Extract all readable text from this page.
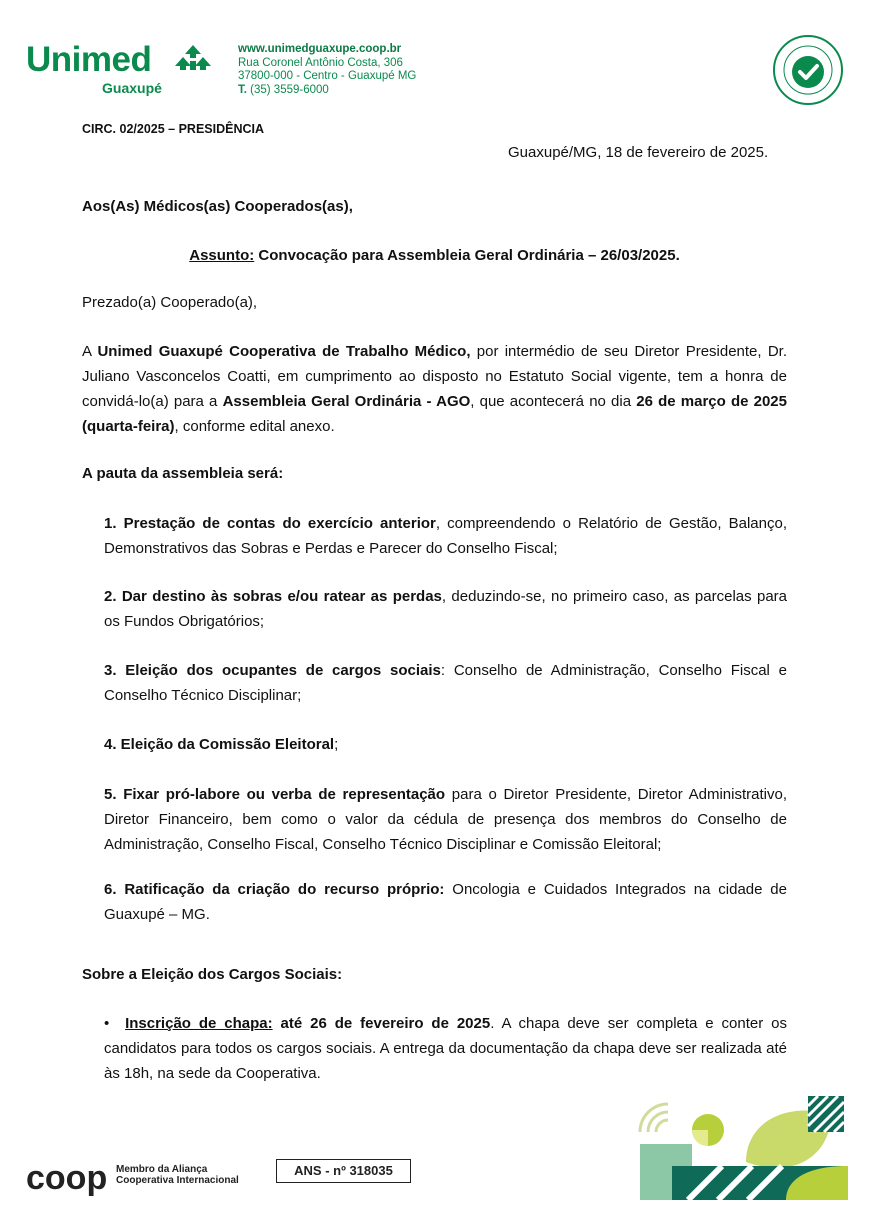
Unimed
Guaxupé
www.unimedguaxupe.coop.br
Rua Coronel Antônio Costa, 306
37800-000 - Centro - Guaxupé MG
T. (35) 3559-6000
CIRC. 02/2025 – PRESIDÊNCIA
Guaxupé/MG, 18 de fevereiro de 2025.
Aos(As) Médicos(as) Cooperados(as),
Assunto: Convocação para Assembleia Geral Ordinária – 26/03/2025.
Prezado(a) Cooperado(a),
A Unimed Guaxupé Cooperativa de Trabalho Médico, por intermédio de seu Diretor Presidente, Dr. Juliano Vasconcelos Coatti, em cumprimento ao disposto no Estatuto Social vigente, tem a honra de convidá-lo(a) para a Assembleia Geral Ordinária - AGO, que acontecerá no dia 26 de março de 2025 (quarta-feira), conforme edital anexo.
A pauta da assembleia será:
1. Prestação de contas do exercício anterior, compreendendo o Relatório de Gestão, Balanço, Demonstrativos das Sobras e Perdas e Parecer do Conselho Fiscal;
2. Dar destino às sobras e/ou ratear as perdas, deduzindo-se, no primeiro caso, as parcelas para os Fundos Obrigatórios;
3. Eleição dos ocupantes de cargos sociais: Conselho de Administração, Conselho Fiscal e Conselho Técnico Disciplinar;
4. Eleição da Comissão Eleitoral;
5. Fixar pró-labore ou verba de representação para o Diretor Presidente, Diretor Administrativo, Diretor Financeiro, bem como o valor da cédula de presença dos membros do Conselho de Administração, Conselho Fiscal, Conselho Técnico Disciplinar e Comissão Eleitoral;
6. Ratificação da criação do recurso próprio: Oncologia e Cuidados Integrados na cidade de Guaxupé – MG.
Sobre a Eleição dos Cargos Sociais:
•  Inscrição de chapa: até 26 de fevereiro de 2025. A chapa deve ser completa e conter os candidatos para todos os cargos sociais. A entrega da documentação da chapa deve ser realizada até às 18h, na sede da Cooperativa.
coop Membro da Aliança
Cooperativa Internacional
ANS - nº 318035
